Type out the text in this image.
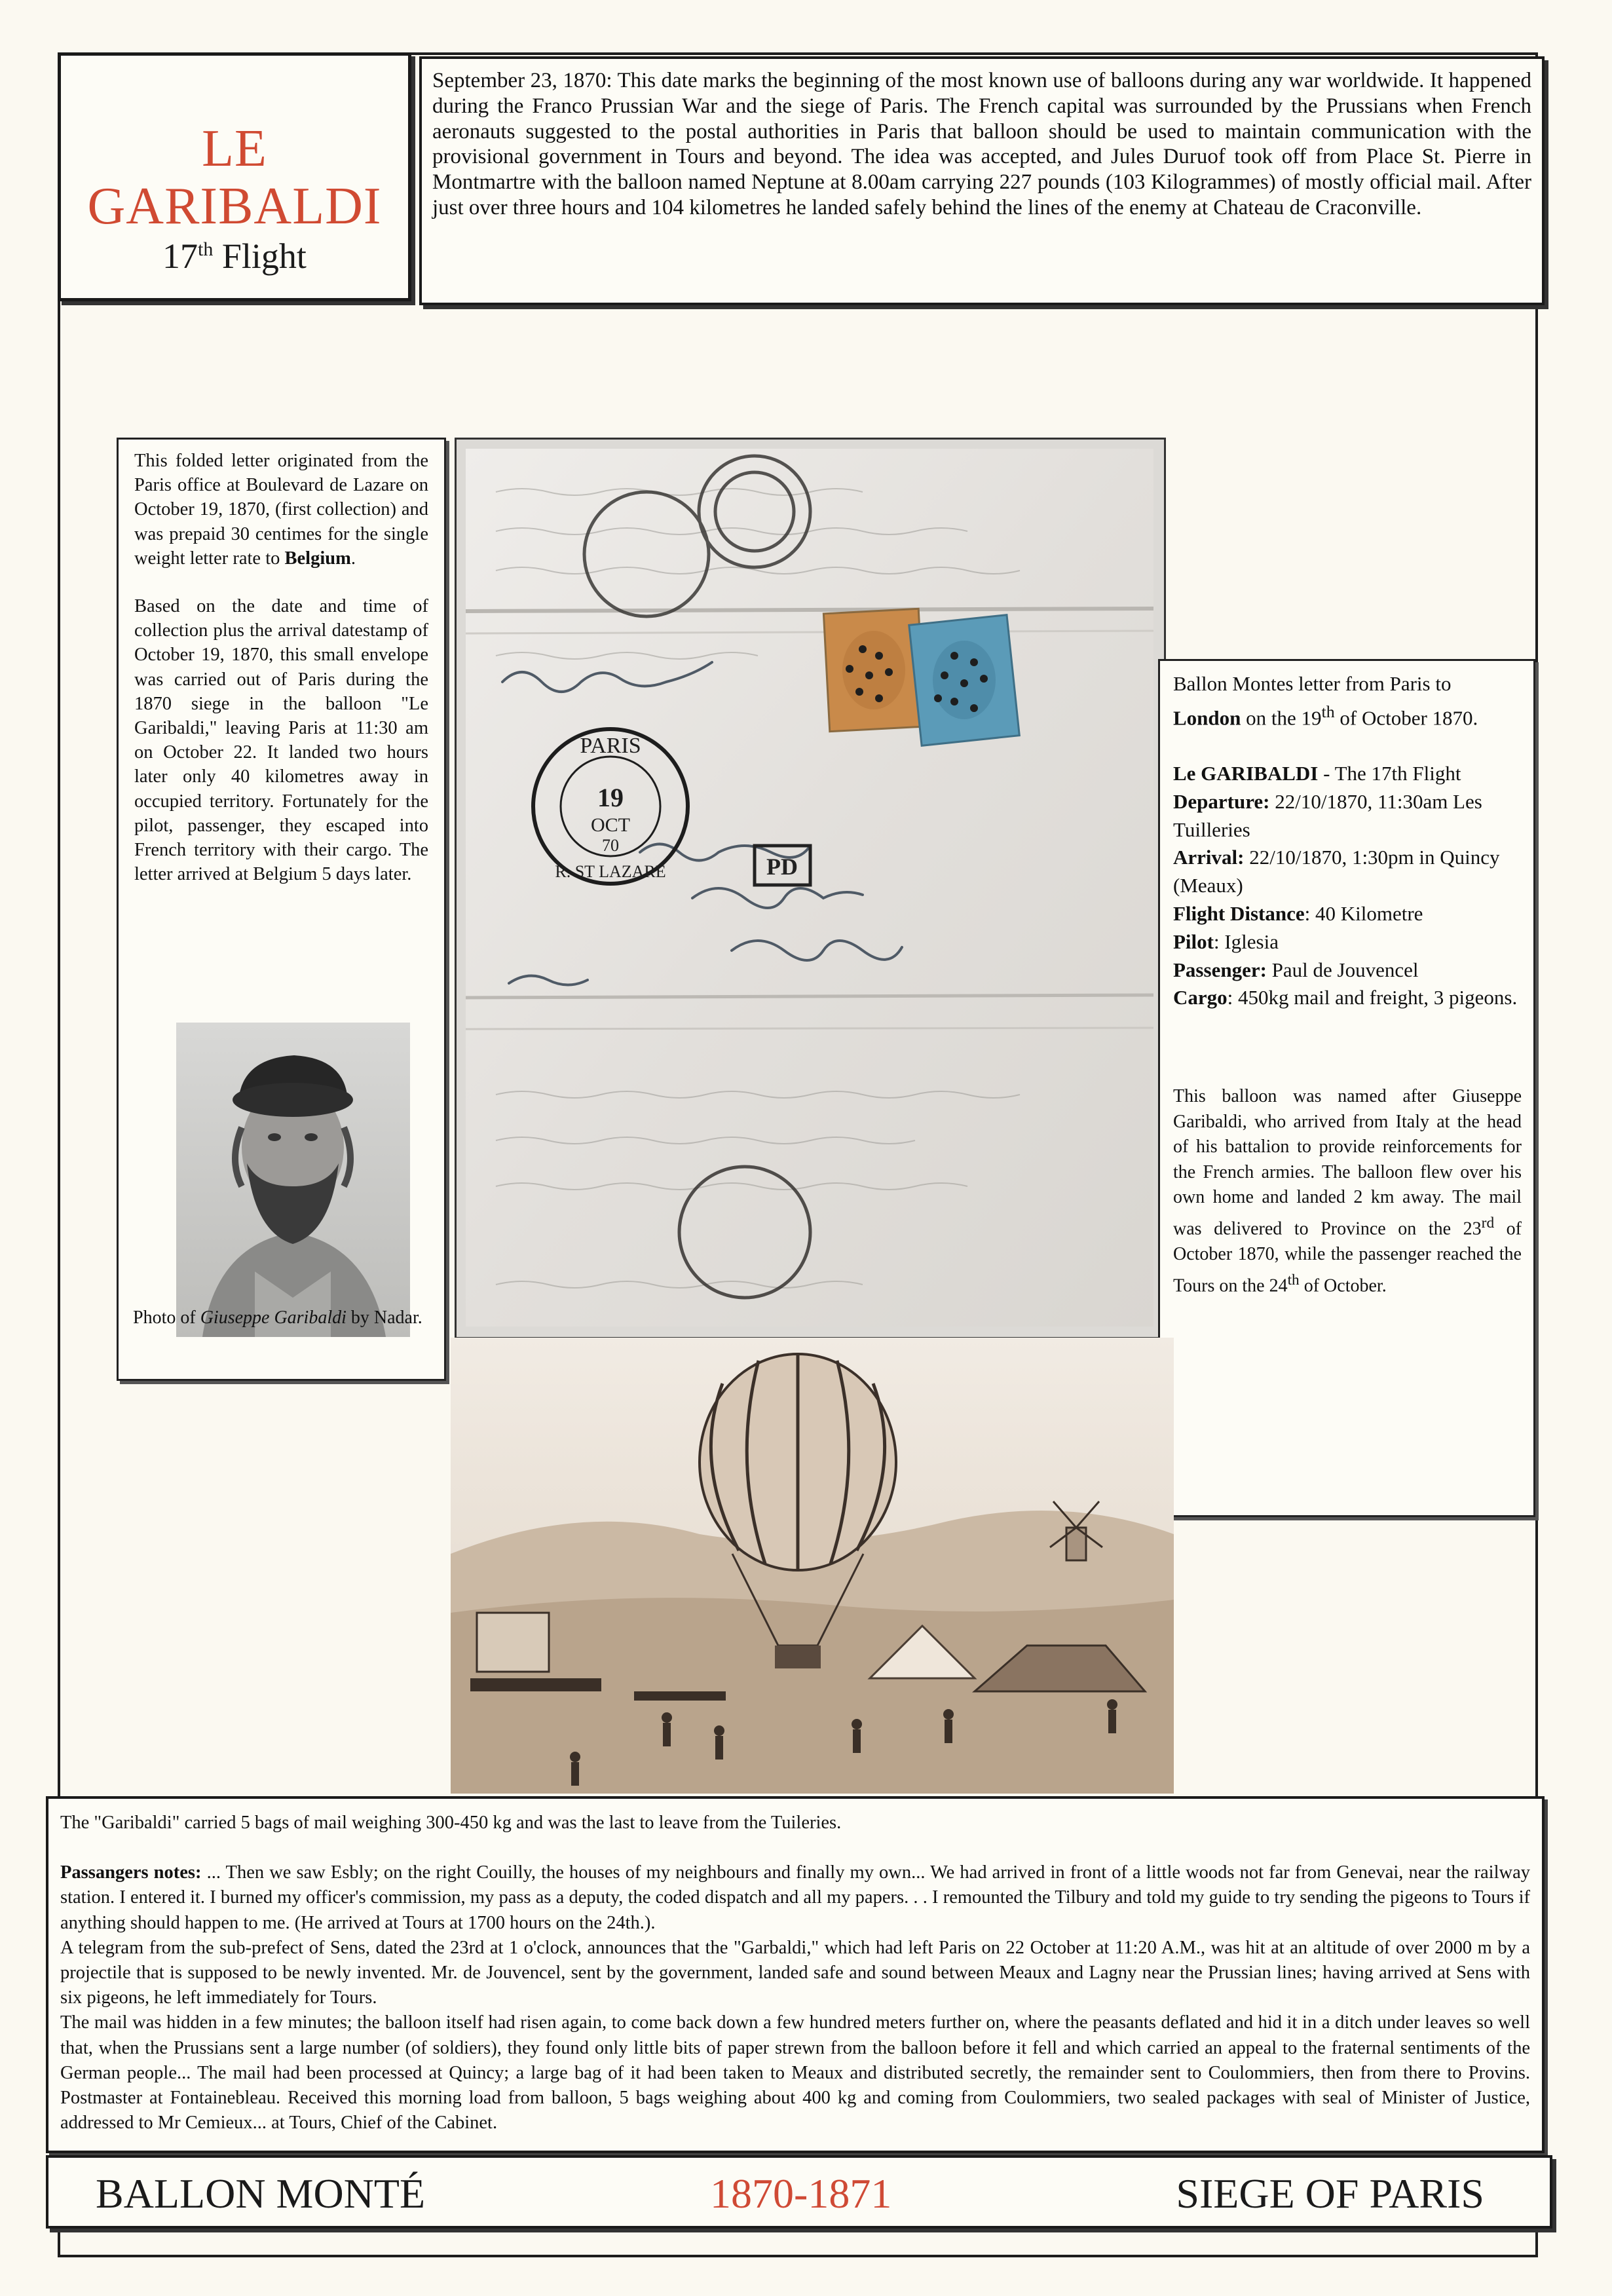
LE
GARIBALDI
17th Flight
September 23, 1870: This date marks the beginning of the most known use of balloons during any war worldwide. It happened during the Franco Prussian War and the siege of Paris. The French capital was surrounded by the Prussians when French aeronauts suggested to the postal authorities in Paris that balloon should be used to maintain communication with the provisional government in Tours and beyond. The idea was accepted, and Jules Duruof took off from Place St. Pierre in Montmartre with the balloon named Neptune at 8.00am carrying 227 pounds (103 Kilogrammes) of mostly official mail. After just over three hours and 104 kilometres he landed safely behind the lines of the enemy at Chateau de Craconville.

This folded letter originated from the Paris office at Boulevard de Lazare on October 19, 1870, (first collection) and was prepaid 30 centimes for the single weight letter rate to Belgium.

Based on the date and time of collection plus the arrival datestamp of October 19, 1870, this small envelope was carried out of Paris during the 1870 siege in the balloon "Le Garibaldi," leaving Paris at 11:30 am on October 22. It landed two hours later only 40 kilometres away in occupied territory. Fortunately for the pilot, passenger, they escaped into French territory with their cargo. The letter arrived at Belgium 5 days later.

Photo of Giuseppe Garibaldi by Nadar.
PARIS
19
OCT
70
R. ST LAZARE	PD

Ballon Montes letter from Paris to London on the 19th of October 1870.

Le GARIBALDI - The 17th Flight
Departure: 22/10/1870, 11:30am Les Tuilleries
Arrival: 22/10/1870, 1:30pm in Quincy (Meaux)
Flight Distance: 40 Kilometre
Pilot: Iglesia
Passenger: Paul de Jouvencel
Cargo: 450kg mail and freight, 3 pigeons.

This balloon was named after Giuseppe Garibaldi, who arrived from Italy at the head of his battalion to provide reinforcements for the French armies. The balloon flew over his own home and landed 2 km away. The mail was delivered to Province on the 23rd of October 1870, while the passenger reached the Tours on the 24th of October.

The "Garibaldi" carried 5 bags of mail weighing 300-450 kg and was the last to leave from the Tuileries.

Passangers notes: ... Then we saw Esbly; on the right Couilly, the houses of my neighbours and finally my own... We had arrived in front of a little woods not far from Genevai, near the railway station. I entered it. I burned my officer's commission, my pass as a deputy, the coded dispatch and all my papers. . . I remounted the Tilbury and told my guide to try sending the pigeons to Tours if anything should happen to me. (He arrived at Tours at 1700 hours on the 24th.).

A telegram from the sub-prefect of Sens, dated the 23rd at 1 o'clock, announces that the "Garbaldi," which had left Paris on 22 October at 11:20 A.M., was hit at an altitude of over 2000 m by a projectile that is supposed to be newly invented. Mr. de Jouvencel, sent by the government, landed safe and sound between Meaux and Lagny near the Prussian lines; having arrived at Sens with six pigeons, he left immediately for Tours.

The mail was hidden in a few minutes; the balloon itself had risen again, to come back down a few hundred meters further on, where the peasants deflated and hid it in a ditch under leaves so well that, when the Prussians sent a large number (of soldiers), they found only little bits of paper strewn from the balloon before it fell and which carried an appeal to the fraternal sentiments of the German people... The mail had been processed at Quincy; a large bag of it had been taken to Meaux and distributed secretly, the remainder sent to Coulommiers, then from there to Provins. Postmaster at Fontainebleau. Received this morning load from balloon, 5 bags weighing about 400 kg and coming from Coulommiers, two sealed packages with seal of Minister of Justice, addressed to Mr Cemieux... at Tours, Chief of the Cabinet.

BALLON MONTÉ	1870-1871	SIEGE OF PARIS
